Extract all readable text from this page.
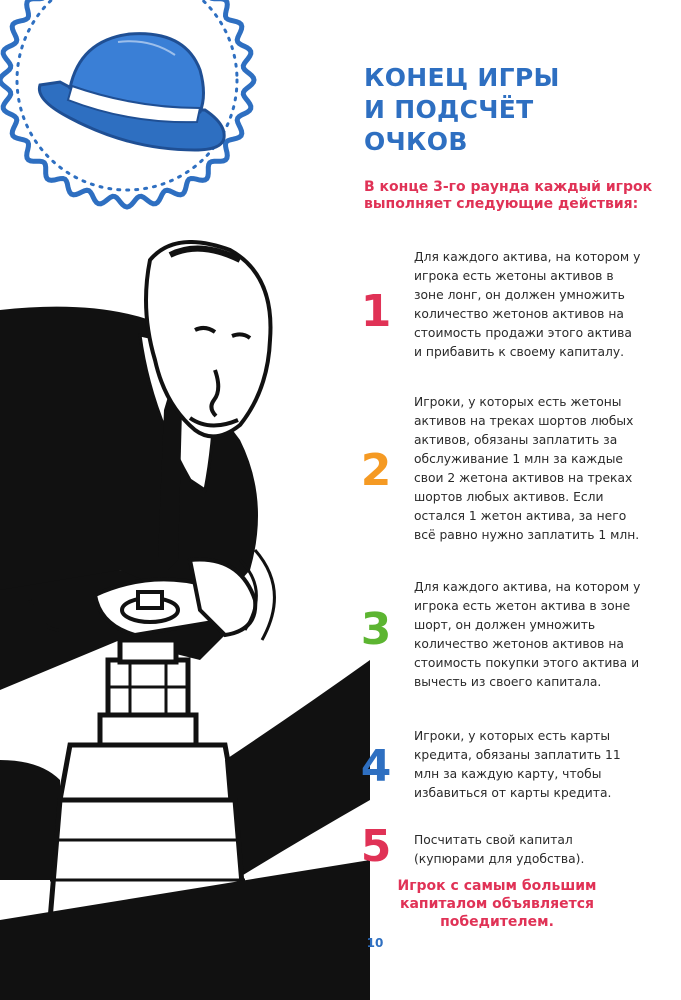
КОНЕЦ ИГРЫ
И ПОДСЧЁТ
ОЧКОВ

В конце 3-го раунда каждый игрок выполняет следующие действия:

1

Для каждого актива, на котором у игрока есть жетоны активов в зоне лонг, он должен умножить количество жетонов активов на стоимость продажи этого актива и прибавить к своему капиталу.

2

Игроки, у которых есть жетоны активов на треках шортов любых активов, обязаны заплатить за обслуживание 1 млн за каждые свои 2 жетона активов на треках шортов любых активов. Если остался 1 жетон актива, за него всё равно нужно заплатить 1 млн.

3

Для каждого актива, на котором у игрока есть жетон актива в зоне шорт, он должен умножить количество жетонов активов на стоимость покупки этого актива и вычесть из своего капитала.

4

Игроки, у которых есть карты кредита, обязаны заплатить 11 млн за каждую карту, чтобы избавиться от карты кредита.

5	Посчитать свой капитал (купюрами для удобства).

Игрок с самым большим капиталом объявляется победителем.

10
